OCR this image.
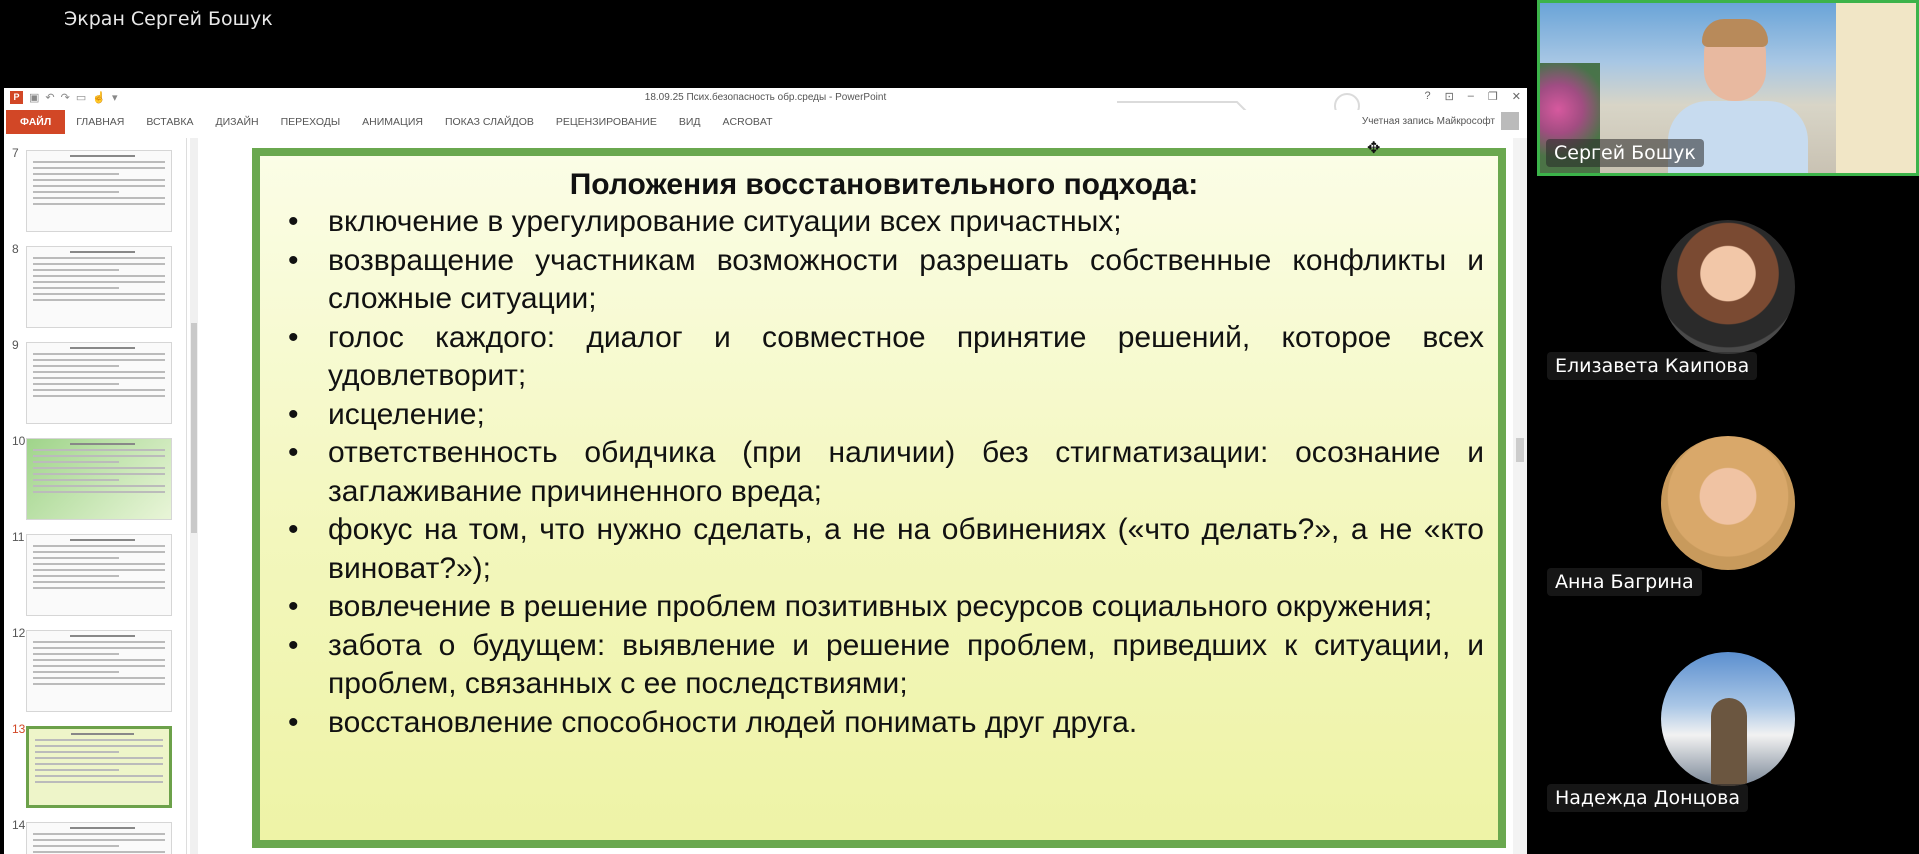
Экран Сергей Бошук
P ▣ ↶ ↷ ▭ ☝ ▾	18.09.25 Псих.безопасность обр.среды - PowerPoint	? ⊡ – ❐ ✕
ФАЙЛ	ГЛАВНАЯ	ВСТАВКА	ДИЗАЙН	ПЕРЕХОДЫ	АНИМАЦИЯ	ПОКАЗ СЛАЙДОВ	РЕЦЕНЗИРОВАНИЕ	ВИД	ACROBAT	Учетная запись Майкрософт
7
8
9
10
11
12
13
14
Положения восстановительного подхода:
• включение в урегулирование ситуации всех причастных;
• возвращение участникам возможности разрешать собственные конфликты и сложные ситуации;
• голос каждого: диалог и совместное принятие решений, которое всех удовлетворит;
• исцеление;
• ответственность обидчика (при наличии) без стигматизации: осознание и заглаживание причиненного вреда;
• фокус на том, что нужно сделать, а не на обвинениях («что делать?», а не «кто виноват?»);
• вовлечение в решение проблем позитивных ресурсов социального окружения;
• забота о будущем: выявление и решение проблем, приведших к ситуации, и проблем, связанных с ее последствиями;
• восстановление способности людей понимать друг друга.
✥	Сергей Бошук
Елизавета Каипова
Анна Багрина
Надежда Донцова
